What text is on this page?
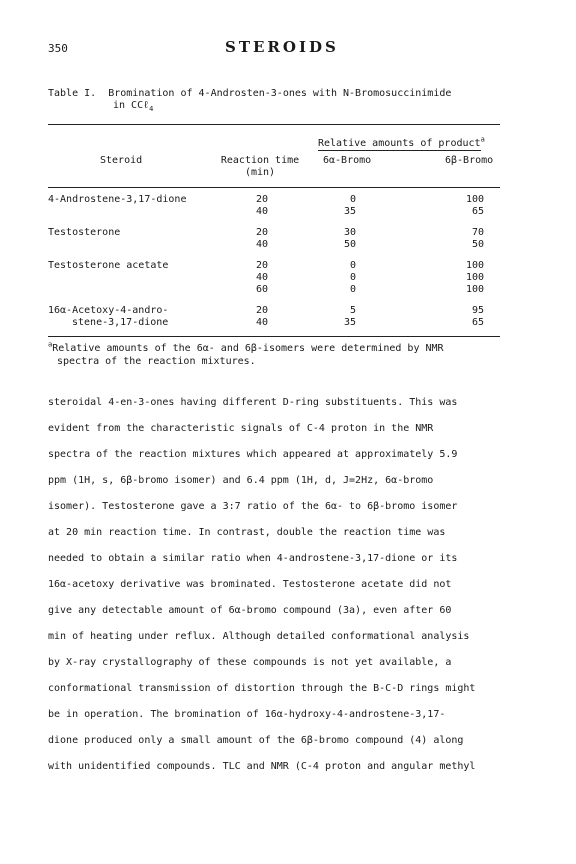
350	STEROIDS
Table I. Bromination of 4-Androsten-3-ones with N-Bromosuccinimide
in CCℓ$_4$
Relative amounts of product$^a$
Steroid	Reaction time
(min)
6α-Bromo	6β-Bromo
4-Androstene-3,17-dione	20	0	100
40	35	65
Testosterone	20	30	70
40	50	50
Testosterone acetate	20	0	100
40	0	100
60	0	100
16α-Acetoxy-4-andro-	20	5	95
stene-3,17-dione	40	35	65
$^a$Relative amounts of the 6α- and 6β-isomers were determined by NMR
spectra of the reaction mixtures.
steroidal 4-en-3-ones having different D-ring substituents. This was
evident from the characteristic signals of C-4 proton in the NMR
spectra of the reaction mixtures which appeared at approximately 5.9
ppm (1H, s, 6β-bromo isomer) and 6.4 ppm (1H, d, J=2Hz, 6α-bromo
isomer). Testosterone gave a 3:7 ratio of the 6α- to 6β-bromo isomer
at 20 min reaction time. In contrast, double the reaction time was
needed to obtain a similar ratio when 4-androstene-3,17-dione or its
16α-acetoxy derivative was brominated. Testosterone acetate did not
give any detectable amount of 6α-bromo compound (3a), even after 60
min of heating under reflux. Although detailed conformational analysis
by X-ray crystallography of these compounds is not yet available, a
conformational transmission of distortion through the B-C-D rings might
be in operation. The bromination of 16α-hydroxy-4-androstene-3,17-
dione produced only a small amount of the 6β-bromo compound (4) along
with unidentified compounds. TLC and NMR (C-4 proton and angular methyl
